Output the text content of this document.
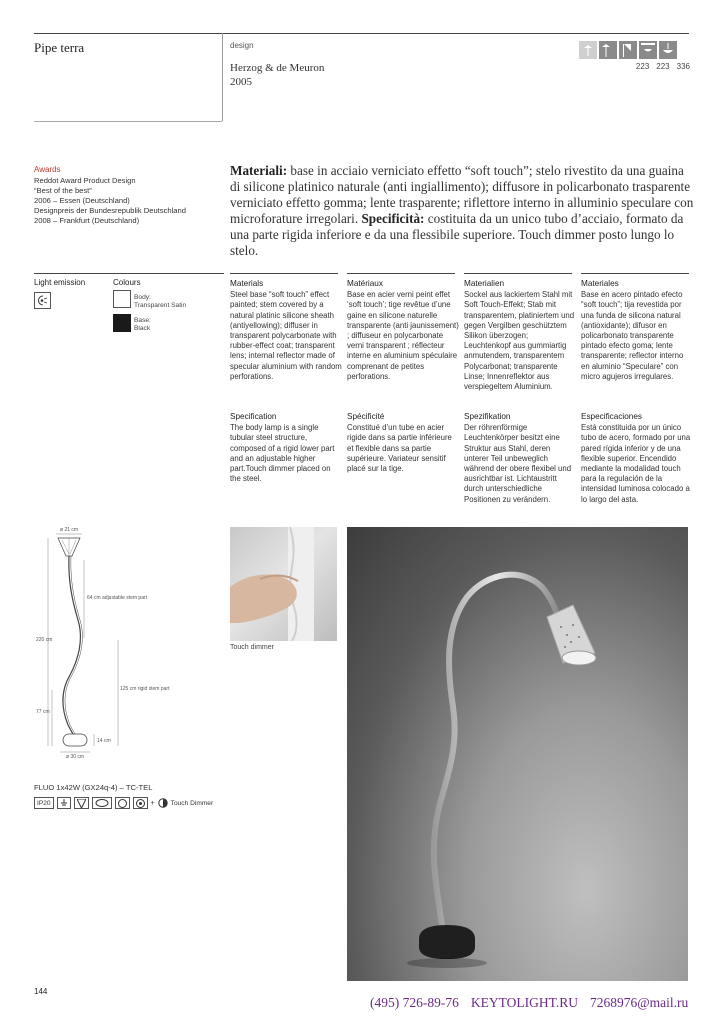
Pipe terra	design
Herzog & de Meuron
2005
223 223 336
Awards
Reddot Award Product Design
“Best of the best”
2006 – Essen (Deutschland)
Designpreis der Bundesrepublik Deutschland
2008 – Frankfurt (Deutschland)
Materiali: base in acciaio verniciato effetto “soft touch”; stelo rivestito da una guaina di silicone platinico naturale (anti ingiallimento); diffusore in policarbonato trasparente verniciato effetto gomma; lente trasparente; riflettore interno in alluminio speculare con microforature irregolari. Specificità: costituita da un unico tubo d’acciaio, formato da una parte rigida inferiore e da una flessibile superiore. Touch dimmer posto lungo lo stelo.
Light emission	Colours
Body:
Transparent Satin
Base:
Black
Materials
Steel base “soft touch” effect painted; stem covered by a natural platinic silicone sheath (antiyellowing); diffuser in transparent polycarbonate with rubber-effect coat; transparent lens; internal reflector made of specular aluminium with random perforations.
Matériaux
Base en acier verni peint effet ‘soft touch’; tige revêtue d’une gaine en silicone naturelle transparente (anti jaunissement) ; diffuseur en polycarbonate verni transparent ; réflecteur interne en aluminium spéculaire comprenant de petites perforations.
Materialien
Sockel aus lackiertem Stahl mit Soft Touch-Effekt; Stab mit transparentem, platiniertem und gegen Vergilben geschütztem Silikon überzogen; Leuchtenkopf aus gummiartig anmutendem, transparentem Polycarbonat; transparente Linse; Innenreflektor aus verspiegeltem Aluminium.
Materiales
Base en acero pintado efecto “soft touch”; tija revestida por una funda de silicona natural (antioxidante); difusor en policarbonato transparente pintado efecto goma; lente transparente; reflector interno en aluminio “Speculare” con micro agujeros irregulares.
Specification
The body lamp is a single tubular steel structure, composed of a rigid lower part and an adjustable higher part.Touch dimmer placed on the steel.
Spécificité
Constitué d’un tube en acier rigide dans sa partie inférieure et flexible dans sa partie supérieure. Variateur sensitif placé sur la tige.
Spezifikation
Der röhrenförmige Leuchtenkörper besitzt eine Struktur aus Stahl, deren unterer Teil unbeweglich während der obere flexibel und ausrichtbar ist. Lichtaustritt durch unterschiedliche Positionen zu verändern.
Especificaciones
Está constituida por un único tubo de acero, formado por una pared rígida inferior y de una flexible superior. Encendido mediante la modalidad touch para la regulación de la intensidad luminosa colocado a lo largo del asta.
ø 21 cm
64 cm adjustable stem part
220 cm
125 cm rigid stem part
77 cm
14 cm
ø 30 cm
Touch dimmer
FLUO 1x42W (GX24q-4) – TC-TEL
IP20	+ Touch Dimmer
144
(495) 726-89-76 KEYTOLIGHT.RU 7268976@mail.ru
